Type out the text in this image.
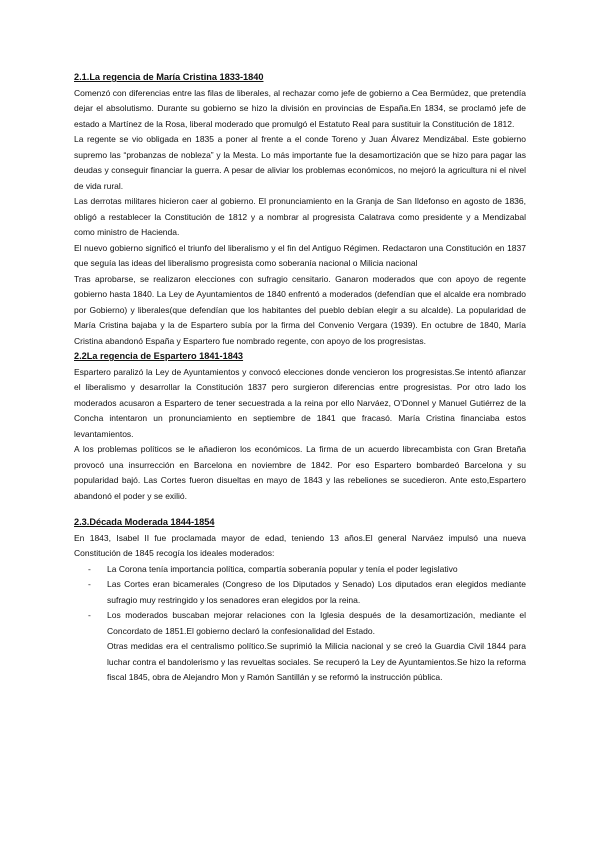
2.1.La regencia de María Cristina 1833-1840

Comenzó con diferencias entre las filas de liberales, al rechazar como jefe de gobierno a Cea Bermúdez, que pretendía dejar el absolutismo. Durante su gobierno se hizo la división en provincias de España.En 1834, se proclamó jefe de estado a Martínez de la Rosa, liberal moderado que promulgó el Estatuto Real para sustituir la Constitución de 1812.

La regente se vio obligada en 1835 a poner al frente a el conde Toreno y Juan Álvarez Mendizábal. Este gobierno supremo las “probanzas de nobleza” y la Mesta. Lo más importante fue la desamortización que se hizo para pagar las deudas y conseguir financiar la guerra. A pesar de aliviar los problemas económicos, no mejoró la agricultura ni el nivel de vida rural.

Las derrotas militares hicieron caer al gobierno. El pronunciamiento en la Granja de San Ildefonso en agosto de 1836, obligó a restablecer la Constitución de 1812 y a nombrar al progresista Calatrava como presidente y a Mendizabal como ministro de Hacienda.

El nuevo gobierno significó el triunfo del liberalismo y el fin del Antiguo Régimen. Redactaron una Constitución en 1837 que seguía las ideas del liberalismo progresista como soberanía nacional o Milicia nacional

Tras aprobarse, se realizaron elecciones con sufragio censitario. Ganaron moderados que con apoyo de regente gobierno hasta 1840. La Ley de Ayuntamientos de 1840 enfrentó a moderados (defendían que el alcalde era nombrado por Gobierno) y liberales(que defendían que los habitantes del pueblo debían elegir a su alcalde). La popularidad de María Cristina bajaba y la de Espartero subía por la firma del Convenio Vergara (1939). En octubre de 1840, María Cristina abandonó España y Espartero fue nombrado regente, con apoyo de los progresistas.

2.2La regencia de Espartero 1841-1843

Espartero paralizó la Ley de Ayuntamientos y convocó elecciones donde vencieron los progresistas.Se intentó afianzar el liberalismo y desarrollar la Constitución 1837 pero surgieron diferencias entre progresistas. Por otro lado los moderados acusaron a Espartero de tener secuestrada a la reina por ello Narváez, O’Donnel y Manuel Gutiérrez de la Concha intentaron un pronunciamiento en septiembre de 1841 que fracasó. María Cristina financiaba estos levantamientos.

A los problemas políticos se le añadieron los económicos. La firma de un acuerdo librecambista con Gran Bretaña provocó una insurrección en Barcelona en noviembre de 1842. Por eso Espartero bombardeó Barcelona y su popularidad bajó. Las Cortes fueron disueltas en mayo de 1843 y las rebeliones se sucedieron. Ante esto,Espartero abandonó el poder y se exilió.

2.3.Década Moderada 1844-1854

En 1843, Isabel II fue proclamada mayor de edad, teniendo 13 años.El general Narváez impulsó una nueva Constitución de 1845 recogía los ideales moderados:

- La Corona tenía importancia política, compartía soberanía popular y tenía el poder legislativo
- Las Cortes eran bicamerales (Congreso de los Diputados y Senado) Los diputados eran elegidos mediante sufragio muy restringido y los senadores eran elegidos por la reina.
- Los moderados buscaban mejorar relaciones con la Iglesia después de la desamortización, mediante el Concordato de 1851.El gobierno declaró la confesionalidad del Estado.

Otras medidas era el centralismo político.Se suprimió la Milicia nacional y se creó la Guardia Civil 1844 para luchar contra el bandolerismo y las revueltas sociales. Se recuperó la Ley de Ayuntamientos.Se hizo la reforma fiscal 1845, obra de Alejandro Mon y Ramón Santillán y se reformó la instrucción pública.
